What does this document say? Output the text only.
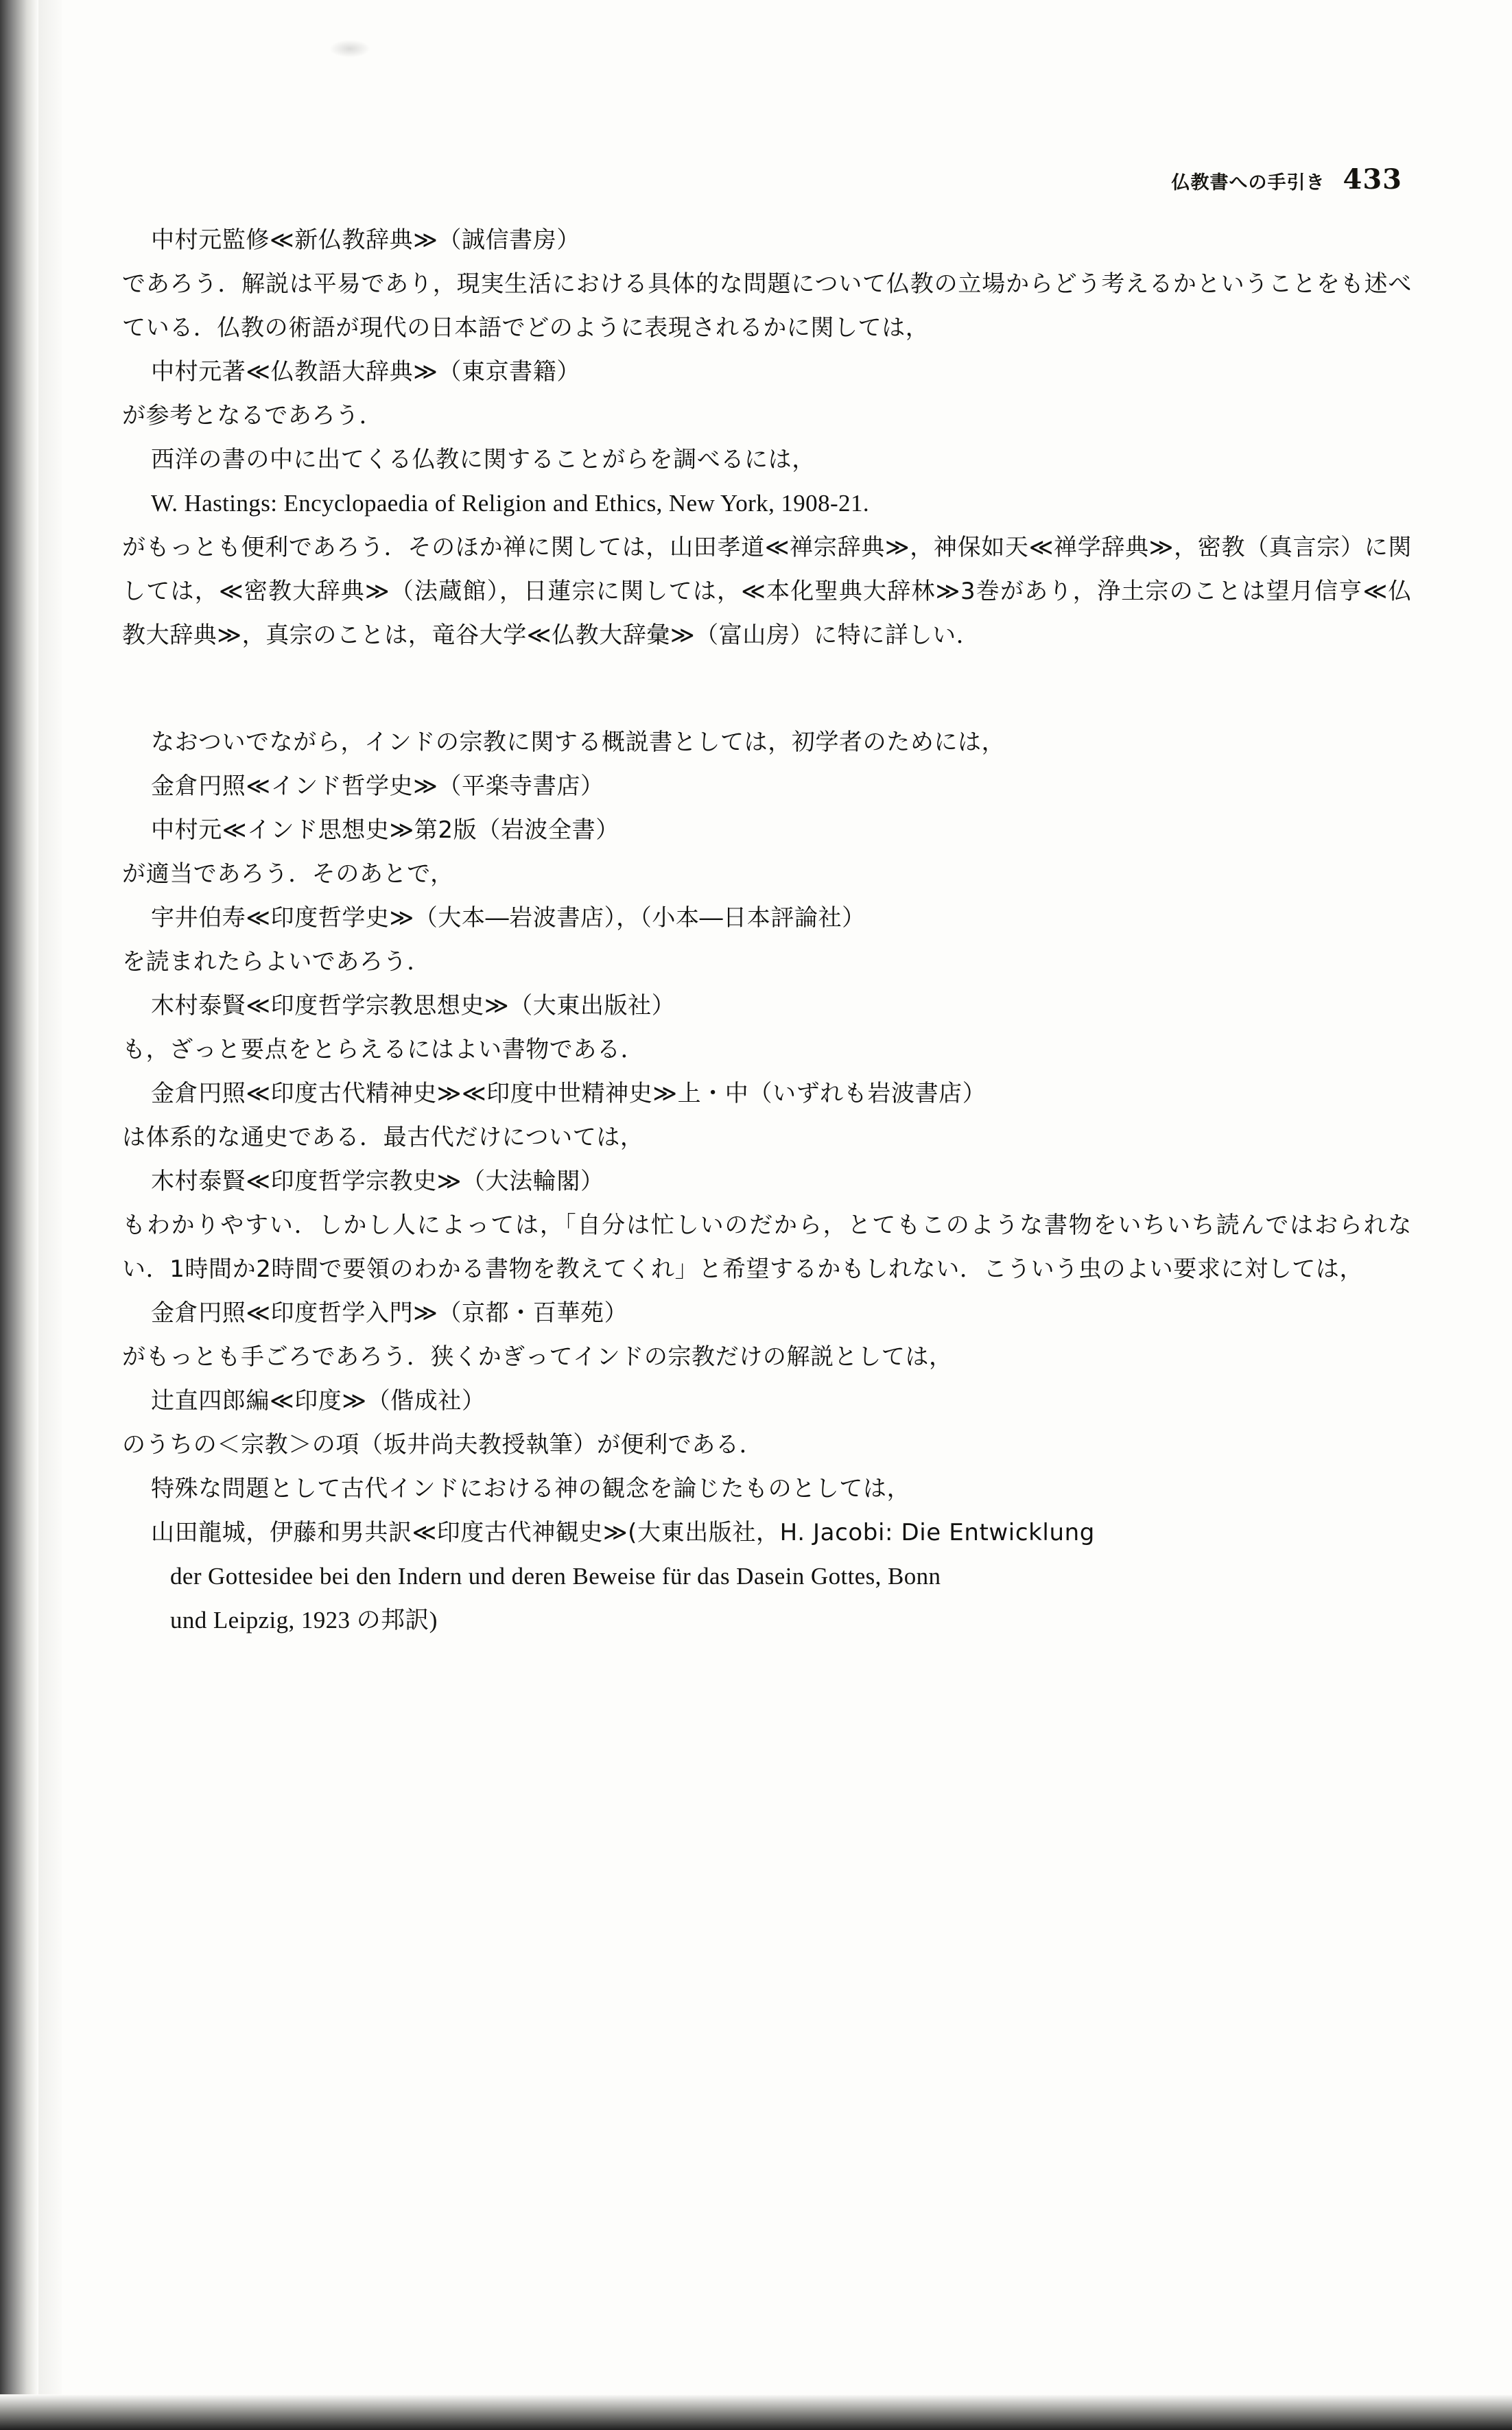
仏教書への手引き 433

中村元監修≪新仏教辞典≫（誠信書房）

であろう．解説は平易であり，現実生活における具体的な問題について仏教の立場からどう考えるかということをも述べている．仏教の術語が現代の日本語でどのように表現されるかに関しては，

中村元著≪仏教語大辞典≫（東京書籍）

が参考となるであろう．

西洋の書の中に出てくる仏教に関することがらを調べるには，

W. Hastings: Encyclopaedia of Religion and Ethics, New York, 1908-21.

がもっとも便利であろう．そのほか禅に関しては，山田孝道≪禅宗辞典≫，神保如天≪禅学辞典≫，密教（真言宗）に関しては，≪密教大辞典≫（法蔵館），日蓮宗に関しては，≪本化聖典大辞林≫3巻があり，浄土宗のことは望月信亨≪仏教大辞典≫，真宗のことは，竜谷大学≪仏教大辞彙≫（富山房）に特に詳しい．

なおついでながら，インドの宗教に関する概説書としては，初学者のためには，

金倉円照≪インド哲学史≫（平楽寺書店）

中村元≪インド思想史≫第2版（岩波全書）

が適当であろう．そのあとで，

宇井伯寿≪印度哲学史≫（大本―岩波書店），（小本―日本評論社）

を読まれたらよいであろう．

木村泰賢≪印度哲学宗教思想史≫（大東出版社）

も，ざっと要点をとらえるにはよい書物である．

金倉円照≪印度古代精神史≫≪印度中世精神史≫上・中（いずれも岩波書店）

は体系的な通史である．最古代だけについては，

木村泰賢≪印度哲学宗教史≫（大法輪閣）

もわかりやすい．しかし人によっては，「自分は忙しいのだから，とてもこのような書物をいちいち読んではおられない．1時間か2時間で要領のわかる書物を教えてくれ」と希望するかもしれない．こういう虫のよい要求に対しては，

金倉円照≪印度哲学入門≫（京都・百華苑）

がもっとも手ごろであろう．狭くかぎってインドの宗教だけの解説としては，

辻直四郎編≪印度≫（偕成社）

のうちの＜宗教＞の項（坂井尚夫教授執筆）が便利である．

特殊な問題として古代インドにおける神の観念を論じたものとしては，

山田龍城，伊藤和男共訳≪印度古代神観史≫(大東出版社，H. Jacobi: Die Entwicklung

der Gottesidee bei den Indern und deren Beweise für das Dasein Gottes, Bonn

und Leipzig, 1923 の邦訳)
